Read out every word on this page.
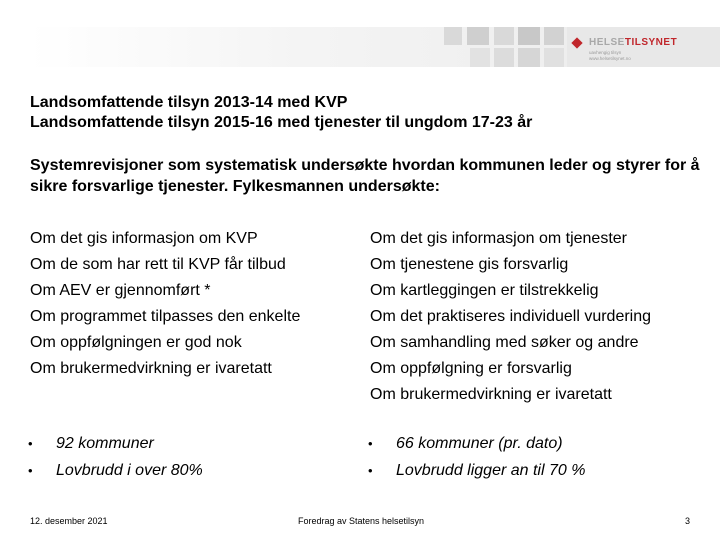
HELSETILSYNET
uavhengig tilsyn
www.helsetilsynet.no
Landsomfattende tilsyn 2013-14 med KVP
Landsomfattende tilsyn 2015-16 med tjenester til ungdom 17-23 år
Systemrevisjoner som systematisk undersøkte hvordan kommunen leder og styrer for å sikre forsvarlige tjenester. Fylkesmannen undersøkte:
Om det gis informasjon om KVP
Om de som har rett til KVP får tilbud
Om AEV er gjennomført *
Om programmet tilpasses den enkelte
Om oppfølgningen er god nok
Om brukermedvirkning er ivaretatt
Om det gis informasjon om tjenester
Om tjenestene gis forsvarlig
Om kartleggingen er tilstrekkelig
Om det praktiseres individuell vurdering
Om samhandling med søker og andre
Om oppfølgning er forsvarlig
Om brukermedvirkning er ivaretatt
•	92 kommuner
•	Lovbrudd i over 80%
•	66 kommuner (pr. dato)
•	Lovbrudd ligger an til 70 %
12. desember 2021	Foredrag av Statens helsetilsyn	3
